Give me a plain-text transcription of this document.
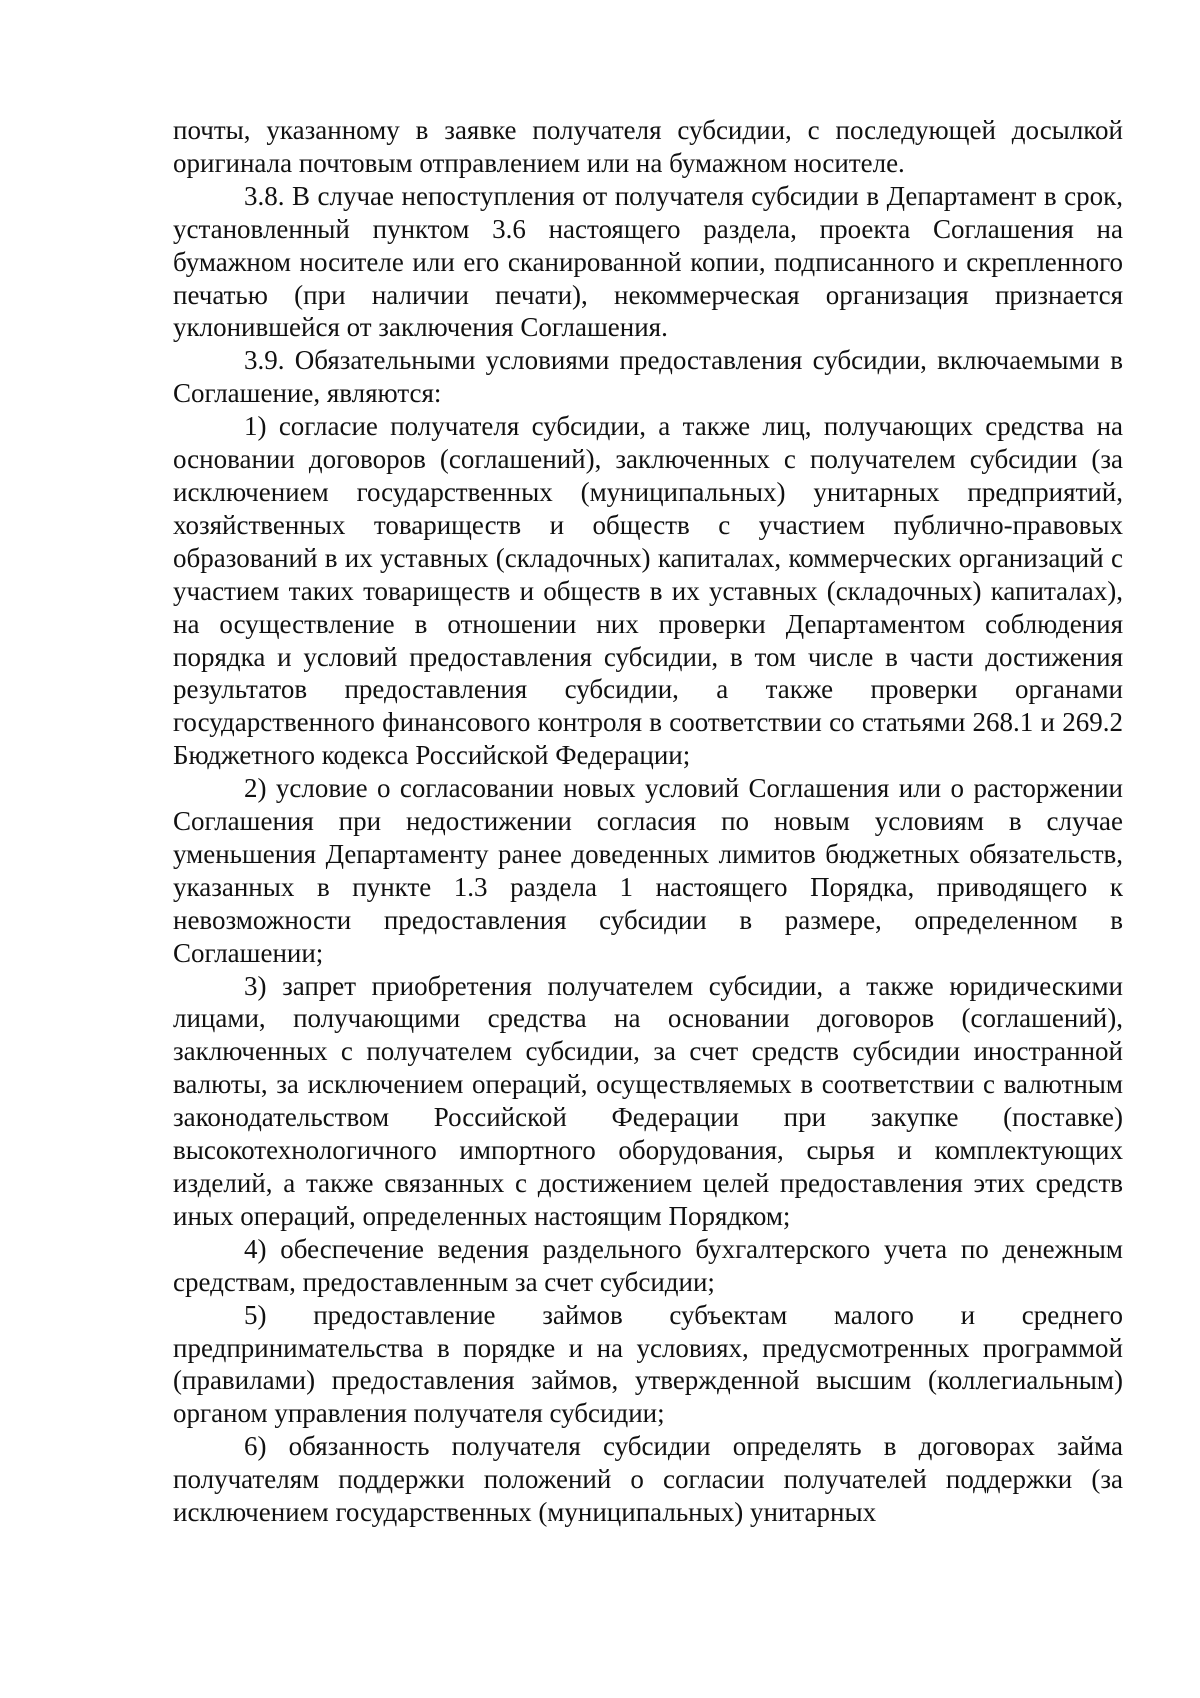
почты, указанному в заявке получателя субсидии, с последующей досылкой оригинала почтовым отправлением или на бумажном носителе.

3.8. В случае непоступления от получателя субсидии в Департамент в срок, установленный пунктом 3.6 настоящего раздела, проекта Соглашения на бумажном носителе или его сканированной копии, подписанного и скрепленного печатью (при наличии печати), некоммерческая организация признается уклонившейся от заключения Соглашения.

3.9. Обязательными условиями предоставления субсидии, включаемыми в Соглашение, являются:

1) согласие получателя субсидии, а также лиц, получающих средства на основании договоров (соглашений), заключенных с получателем субсидии (за исключением государственных (муниципальных) унитарных предприятий, хозяйственных товариществ и обществ с участием публично-правовых образований в их уставных (складочных) капиталах, коммерческих организаций с участием таких товариществ и обществ в их уставных (складочных) капиталах), на осуществление в отношении них проверки Департаментом соблюдения порядка и условий предоставления субсидии, в том числе в части достижения результатов предоставления субсидии, а также проверки органами государственного финансового контроля в соответствии со статьями 268.1 и 269.2 Бюджетного кодекса Российской Федерации;

2) условие о согласовании новых условий Соглашения или о расторжении Соглашения при недостижении согласия по новым условиям в случае уменьшения Департаменту ранее доведенных лимитов бюджетных обязательств, указанных в пункте 1.3 раздела 1 настоящего Порядка, приводящего к невозможности предоставления субсидии в размере, определенном в Соглашении;

3) запрет приобретения получателем субсидии, а также юридическими лицами, получающими средства на основании договоров (соглашений), заключенных с получателем субсидии, за счет средств субсидии иностранной валюты, за исключением операций, осуществляемых в соответствии с валютным законодательством Российской Федерации при закупке (поставке) высокотехнологичного импортного оборудования, сырья и комплектующих изделий, а также связанных с достижением целей предоставления этих средств иных операций, определенных настоящим Порядком;

4) обеспечение ведения раздельного бухгалтерского учета по денежным средствам, предоставленным за счет субсидии;

5) предоставление займов субъектам малого и среднего предпринимательства в порядке и на условиях, предусмотренных программой (правилами) предоставления займов, утвержденной высшим (коллегиальным) органом управления получателя субсидии;

6) обязанность получателя субсидии определять в договорах займа получателям поддержки положений о согласии получателей поддержки (за исключением государственных (муниципальных) унитарных
